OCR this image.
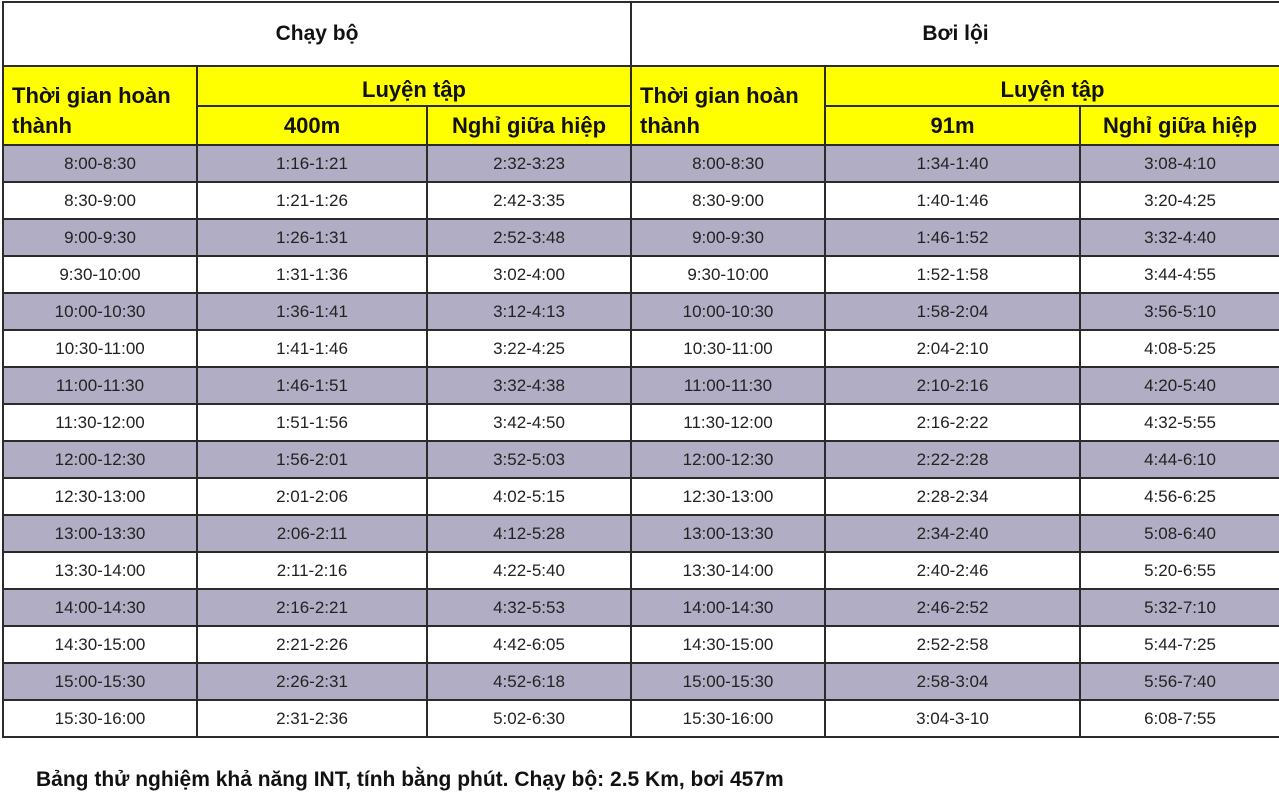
Chạy bộ			Bơi lội		
Thời gian hoàn thành	Luyện tập		Thời gian hoàn thành	Luyện tập	
	400m	Nghỉ giữa hiệp		91m	Nghỉ giữa hiệp
8:00-8:30	1:16-1:21	2:32-3:23	8:00-8:30	1:34-1:40	3:08-4:10
8:30-9:00	1:21-1:26	2:42-3:35	8:30-9:00	1:40-1:46	3:20-4:25
9:00-9:30	1:26-1:31	2:52-3:48	9:00-9:30	1:46-1:52	3:32-4:40
9:30-10:00	1:31-1:36	3:02-4:00	9:30-10:00	1:52-1:58	3:44-4:55
10:00-10:30	1:36-1:41	3:12-4:13	10:00-10:30	1:58-2:04	3:56-5:10
10:30-11:00	1:41-1:46	3:22-4:25	10:30-11:00	2:04-2:10	4:08-5:25
11:00-11:30	1:46-1:51	3:32-4:38	11:00-11:30	2:10-2:16	4:20-5:40
11:30-12:00	1:51-1:56	3:42-4:50	11:30-12:00	2:16-2:22	4:32-5:55
12:00-12:30	1:56-2:01	3:52-5:03	12:00-12:30	2:22-2:28	4:44-6:10
12:30-13:00	2:01-2:06	4:02-5:15	12:30-13:00	2:28-2:34	4:56-6:25
13:00-13:30	2:06-2:11	4:12-5:28	13:00-13:30	2:34-2:40	5:08-6:40
13:30-14:00	2:11-2:16	4:22-5:40	13:30-14:00	2:40-2:46	5:20-6:55
14:00-14:30	2:16-2:21	4:32-5:53	14:00-14:30	2:46-2:52	5:32-7:10
14:30-15:00	2:21-2:26	4:42-6:05	14:30-15:00	2:52-2:58	5:44-7:25
15:00-15:30	2:26-2:31	4:52-6:18	15:00-15:30	2:58-3:04	5:56-7:40
15:30-16:00	2:31-2:36	5:02-6:30	15:30-16:00	3:04-3-10	6:08-7:55
Bảng thử nghiệm khả năng INT, tính bằng phút. Chạy bộ: 2.5 Km, bơi 457m
